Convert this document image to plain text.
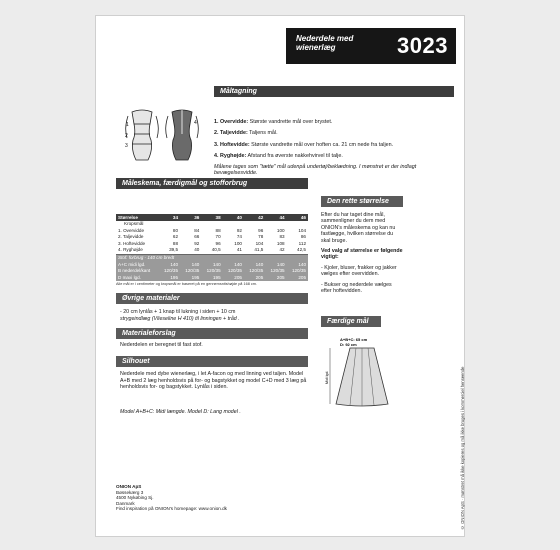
Nederdele med
wienerlæg	3023
Måltagning
1
2
3
4	1. Overvidde: Største vandrette mål over brystet.
2. Taljevidde: Taljens mål.
3. Hoftevidde: Største vandrette mål over hoften ca. 21 cm nede fra taljen.
4. Ryghøjde: Afstand fra øverste nakkehvirvel til talje.
Målene tages som "tætte" mål udenpå undertøj/beklædning. I mønstret er der indlagt bevægelsesvidde.
Måleskema, færdigmål og stofforbrug
Størrelse	34	36	38	40	42	44	46
Kropsmål							
1. Overvidde	80	84	88	92	96	100	104
2. Taljevidde	62	66	70	74	78	83	86
3. Hoftevidde	88	92	96	100	104	108	112
4. Ryghøjde	39,5	40	40,5	41	41,5	42	42,5
Stof: forbrug - 140 cm bredt							
A+C midi lgd.	140	140	140	140	140	140	140
B nederdel/kant	120/35	120/35	120/35	120/35	120/35	120/35	120/35
D maxi lgd.	195	195	195	205	205	205	205
Alle mål er i centimeter og kropsmål er baseret på en gennemsnitshøjde på 168 cm.
Øvrige materialer
- 20 cm lynlås + 1 knap til lukning i siden + 10 cm
strygeindlæg (Vlieseline H 410) til linningen + tråd .
Materialeforslag
Nederdelen er beregnet til fast stof.
Silhouet
Nederdele med dybe wienerlæg, i let A-facon og med linning ved taljen. Model A+B med 2 læg henholdsvis på for- og bagstykket og model C+D med 3 læg på henholdsvis for- og bagstykket. Lynlås i siden.
Model A+B+C: Midi længde. Model D: Lang model .
Den rette størrelse
Efter du har taget dine mål, sammenligner du dem med ONION's måleskema og kan nu fastlægge, hvilken størrelse du skal bruge.
Ved valg af størrelse er følgende vigtigt:
- Kjoler, bluser, frakker og jakker vælges efter overvidden.
- Bukser og nederdele vælges efter hoftevidden.
Færdige mål
A+B+C: 65 cm
D: 92 cm
Midi lgd.
ONION ApS
Bøssekærg 3
4500 Nykøbing Sj.
Danmark
Find inspiration på ONION's homepage: www.onion.dk	© ONION ApS · mønstret må ikke kopieres og må ikke bruges i kommerciel henseende
